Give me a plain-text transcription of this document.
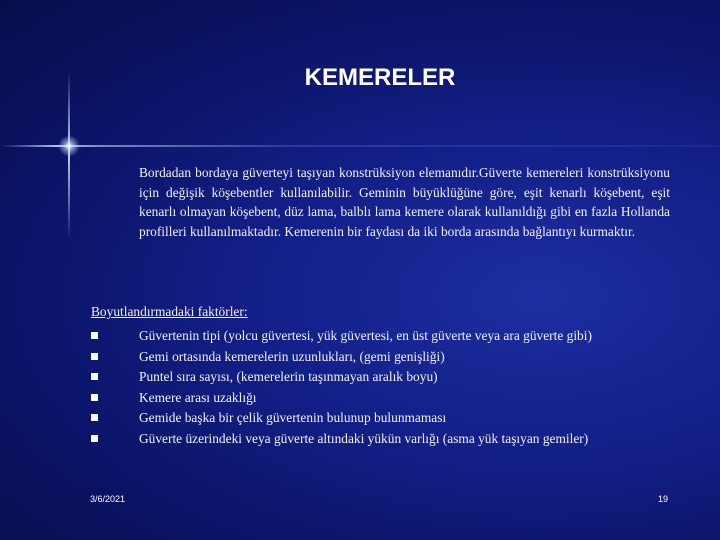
KEMERELER

Bordadan bordaya güverteyi taşıyan konstrüksiyon elemanıdır.Güverte kemereleri konstrüksiyonu için değişik köşebentler kullanılabilir. Geminin büyüklüğüne göre, eşit kenarlı köşebent, eşit kenarlı olmayan köşebent, düz lama, balblı lama kemere olarak kullanıldığı gibi en fazla Hollanda profilleri kullanılmaktadır. Kemerenin bir faydası da iki borda arasında bağlantıyı kurmaktır.

Boyutlandırmadaki faktörler:

Güvertenin tipi (yolcu güvertesi, yük güvertesi, en üst güverte veya ara güverte gibi)
Gemi ortasında kemerelerin uzunlukları, (gemi genişliği)
Puntel sıra sayısı, (kemerelerin taşınmayan aralık boyu)
Kemere arası uzaklığı
Gemide başka bir çelik güvertenin bulunup bulunmaması
Güverte üzerindeki veya güverte altındaki yükün varlığı (asma yük taşıyan gemiler)
3/6/2021	19
